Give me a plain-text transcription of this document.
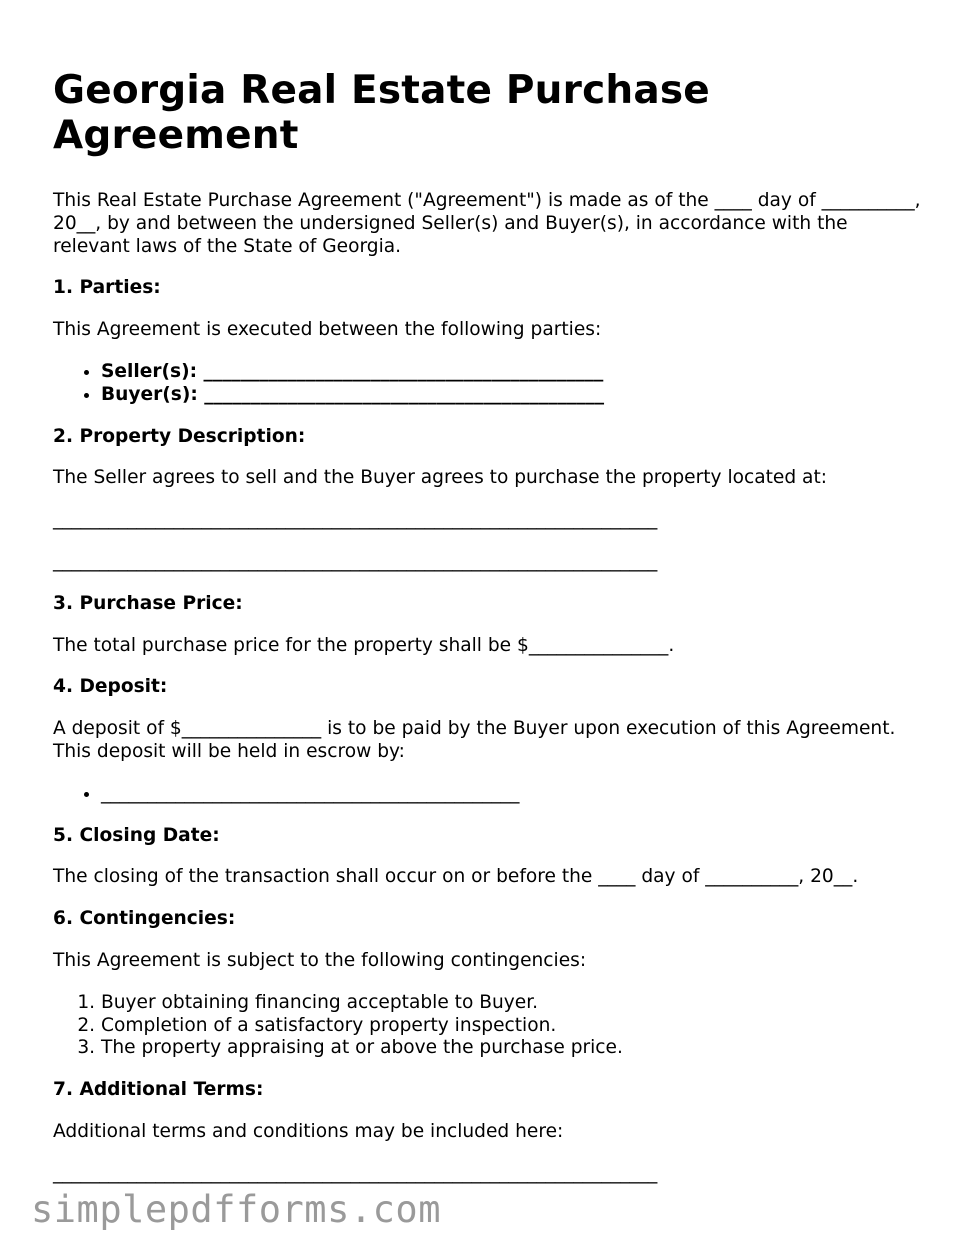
Georgia Real Estate Purchase Agreement

This Real Estate Purchase Agreement ("Agreement") is made as of the ____ day of __________, 20__, by and between the undersigned Seller(s) and Buyer(s), in accordance with the relevant laws of the State of Georgia.

1. Parties:

This Agreement is executed between the following parties:

• Seller(s): ___________________________________________
• Buyer(s): ___________________________________________
2. Property Description:

The Seller agrees to sell and the Buyer agrees to purchase the property located at:

_________________________________________________________________
_________________________________________________________________
3. Purchase Price:

The total purchase price for the property shall be $_______________.

4. Deposit:

A deposit of $_______________ is to be paid by the Buyer upon execution of this Agreement. This deposit will be held in escrow by:

• _____________________________________________
5. Closing Date:

The closing of the transaction shall occur on or before the ____ day of __________, 20__.

6. Contingencies:

This Agreement is subject to the following contingencies:

1. Buyer obtaining financing acceptable to Buyer.
2. Completion of a satisfactory property inspection.
3. The property appraising at or above the purchase price.
7. Additional Terms:

Additional terms and conditions may be included here:

_________________________________________________________________
simplepdfforms.com
